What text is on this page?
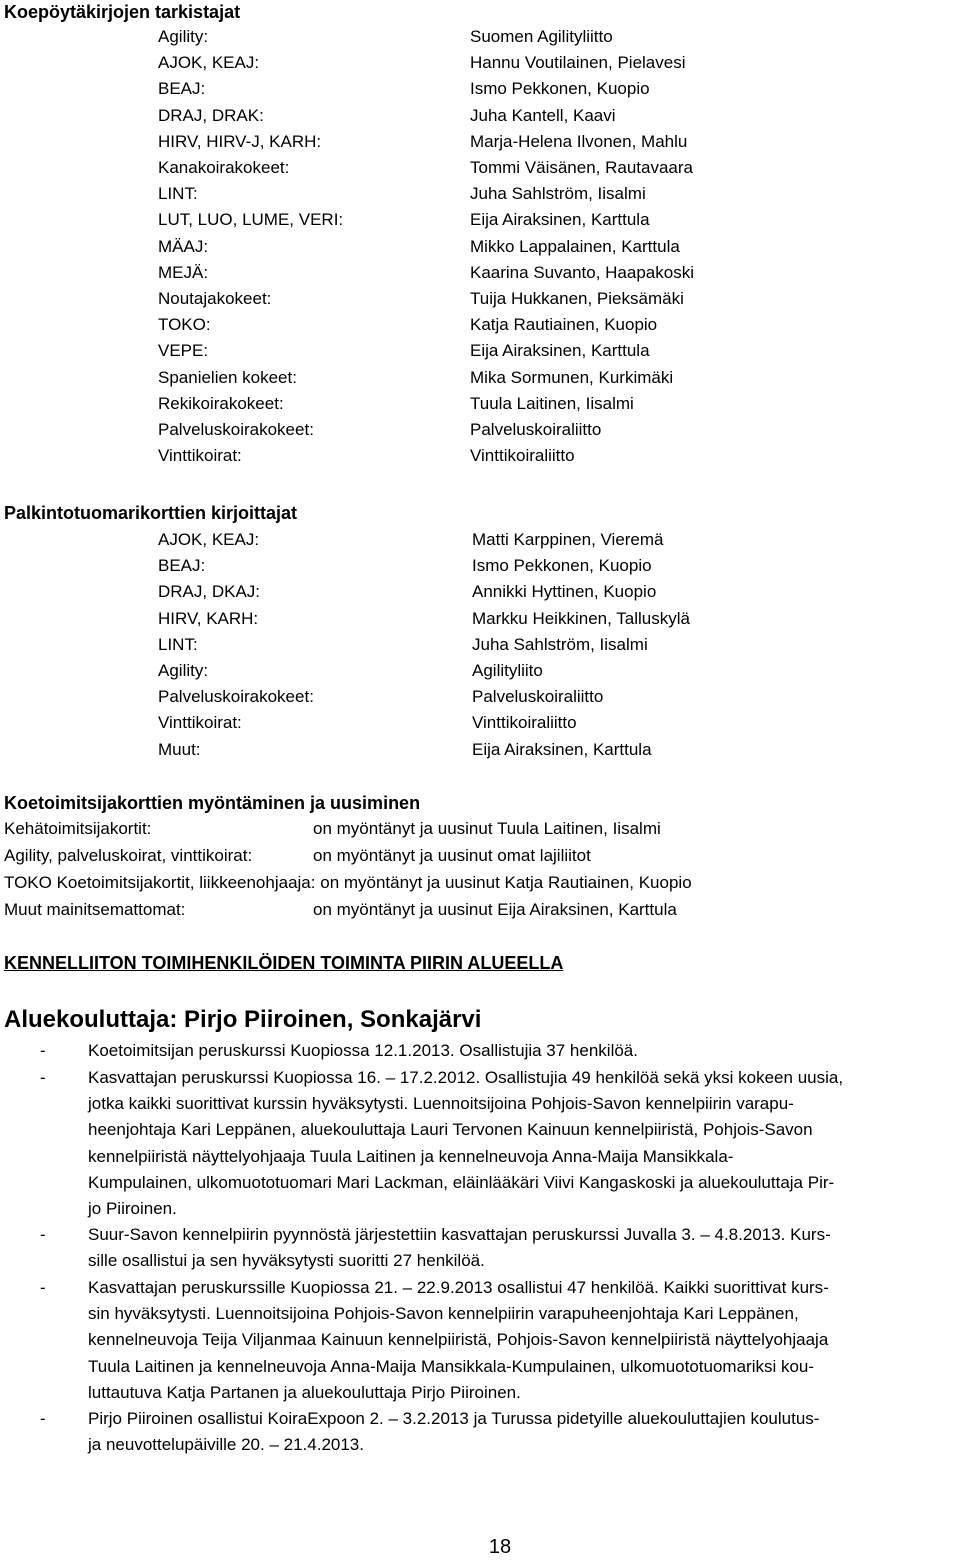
Koepöytäkirjojen tarkistajat
Agility:	Suomen Agilityliitto
AJOK, KEAJ:	Hannu Voutilainen, Pielavesi
BEAJ:	Ismo Pekkonen, Kuopio
DRAJ, DRAK:	Juha Kantell, Kaavi
HIRV, HIRV-J, KARH:	Marja-Helena Ilvonen, Mahlu
Kanakoirakokeet:	Tommi Väisänen, Rautavaara
LINT:	Juha Sahlström, Iisalmi
LUT, LUO, LUME, VERI:	Eija Airaksinen, Karttula
MÄAJ:	Mikko Lappalainen, Karttula
MEJÄ:	Kaarina Suvanto, Haapakoski
Noutajakokeet:	Tuija Hukkanen, Pieksämäki
TOKO:	Katja Rautiainen, Kuopio
VEPE:	Eija Airaksinen, Karttula
Spanielien kokeet:	Mika Sormunen, Kurkimäki
Rekikoirakokeet:	Tuula Laitinen, Iisalmi
Palveluskoirakokeet:	Palveluskoiraliitto
Vinttikoirat:	Vinttikoiraliitto
Palkintotuomarikorttien kirjoittajat
AJOK, KEAJ:	Matti Karppinen, Vieremä
BEAJ:	Ismo Pekkonen, Kuopio
DRAJ, DKAJ:	Annikki Hyttinen, Kuopio
HIRV, KARH:	Markku Heikkinen, Talluskylä
LINT:	Juha Sahlström, Iisalmi
Agility:	Agilityliito
Palveluskoirakokeet:	Palveluskoiraliitto
Vinttikoirat:	Vinttikoiraliitto
Muut:	Eija Airaksinen, Karttula
Koetoimitsijakorttien myöntäminen ja uusiminen
Kehätoimitsijakortit:	on myöntänyt ja uusinut Tuula Laitinen, Iisalmi
Agility, palveluskoirat, vinttikoirat:	on myöntänyt ja uusinut omat lajiliitot
TOKO Koetoimitsijakortit, liikkeenohjaaja: on myöntänyt ja uusinut Katja Rautiainen, Kuopio
Muut mainitsemattomat:	on myöntänyt ja uusinut Eija Airaksinen, Karttula
KENNELLIITON TOIMIHENKILÖIDEN TOIMINTA PIIRIN ALUEELLA
Aluekouluttaja: Pirjo Piiroinen, Sonkajärvi
- Koetoimitsijan peruskurssi Kuopiossa 12.1.2013. Osallistujia 37 henkilöä.
- Kasvattajan peruskurssi Kuopiossa 16. – 17.2.2012. Osallistujia 49 henkilöä sekä yksi kokeen uusia,
jotka kaikki suorittivat kurssin hyväksytysti. Luennoitsijoina Pohjois-Savon kennelpiirin varapu-
heenjohtaja Kari Leppänen, aluekouluttaja Lauri Tervonen Kainuun kennelpiiristä, Pohjois-Savon
kennelpiiristä näyttelyohjaaja Tuula Laitinen ja kennelneuvoja Anna-Maija Mansikkala-
Kumpulainen, ulkomuototuomari Mari Lackman, eläinlääkäri Viivi Kangaskoski ja aluekouluttaja Pir-
jo Piiroinen.
- Suur-Savon kennelpiirin pyynnöstä järjestettiin kasvattajan peruskurssi Juvalla 3. – 4.8.2013. Kurs-
sille osallistui ja sen hyväksytysti suoritti 27 henkilöä.
- Kasvattajan peruskurssille Kuopiossa 21. – 22.9.2013 osallistui 47 henkilöä. Kaikki suorittivat kurs-
sin hyväksytysti. Luennoitsijoina Pohjois-Savon kennelpiirin varapuheenjohtaja Kari Leppänen,
kennelneuvoja Teija Viljanmaa Kainuun kennelpiiristä, Pohjois-Savon kennelpiiristä näyttelyohjaaja
Tuula Laitinen ja kennelneuvoja Anna-Maija Mansikkala-Kumpulainen, ulkomuototuomariksi kou-
luttautuva Katja Partanen ja aluekouluttaja Pirjo Piiroinen.
- Pirjo Piiroinen osallistui KoiraExpoon 2. – 3.2.2013 ja Turussa pidetyille aluekouluttajien koulutus-
ja neuvottelupäiville 20. – 21.4.2013.
18
